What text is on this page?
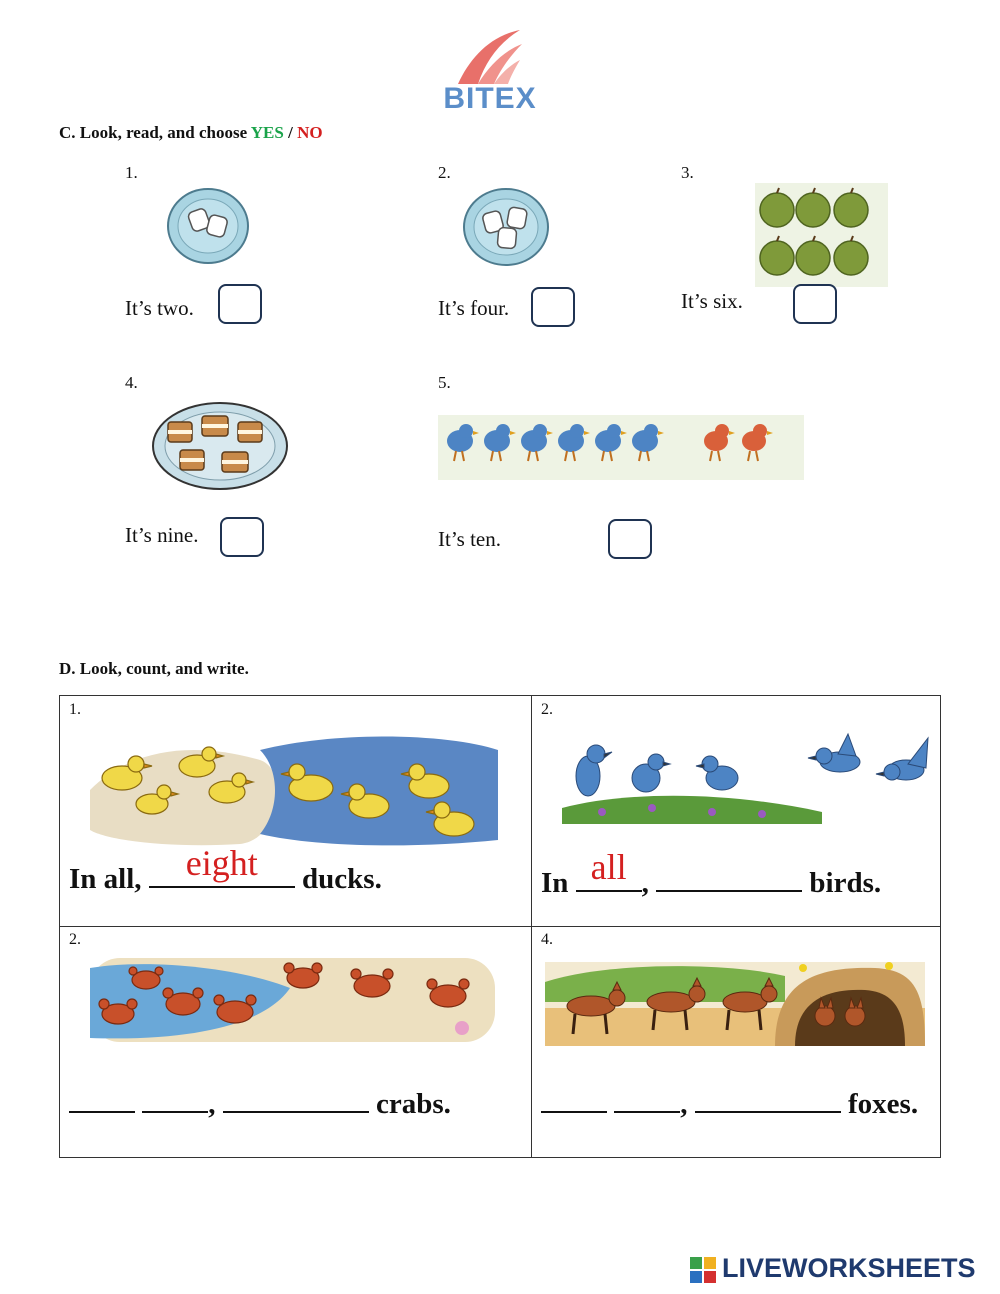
BITEX
C. Look, read, and choose YES / NO
1.
It’s two.
2.
It’s four.
3.
It’s six.
4.
It’s nine.
5.
It’s ten.
D. Look, count, and write.
1.
In all,	eight	ducks.
2.
In all ,	birds.
2.
,	crabs.
4.
,	foxes.
LIVEWORKSHEETS
